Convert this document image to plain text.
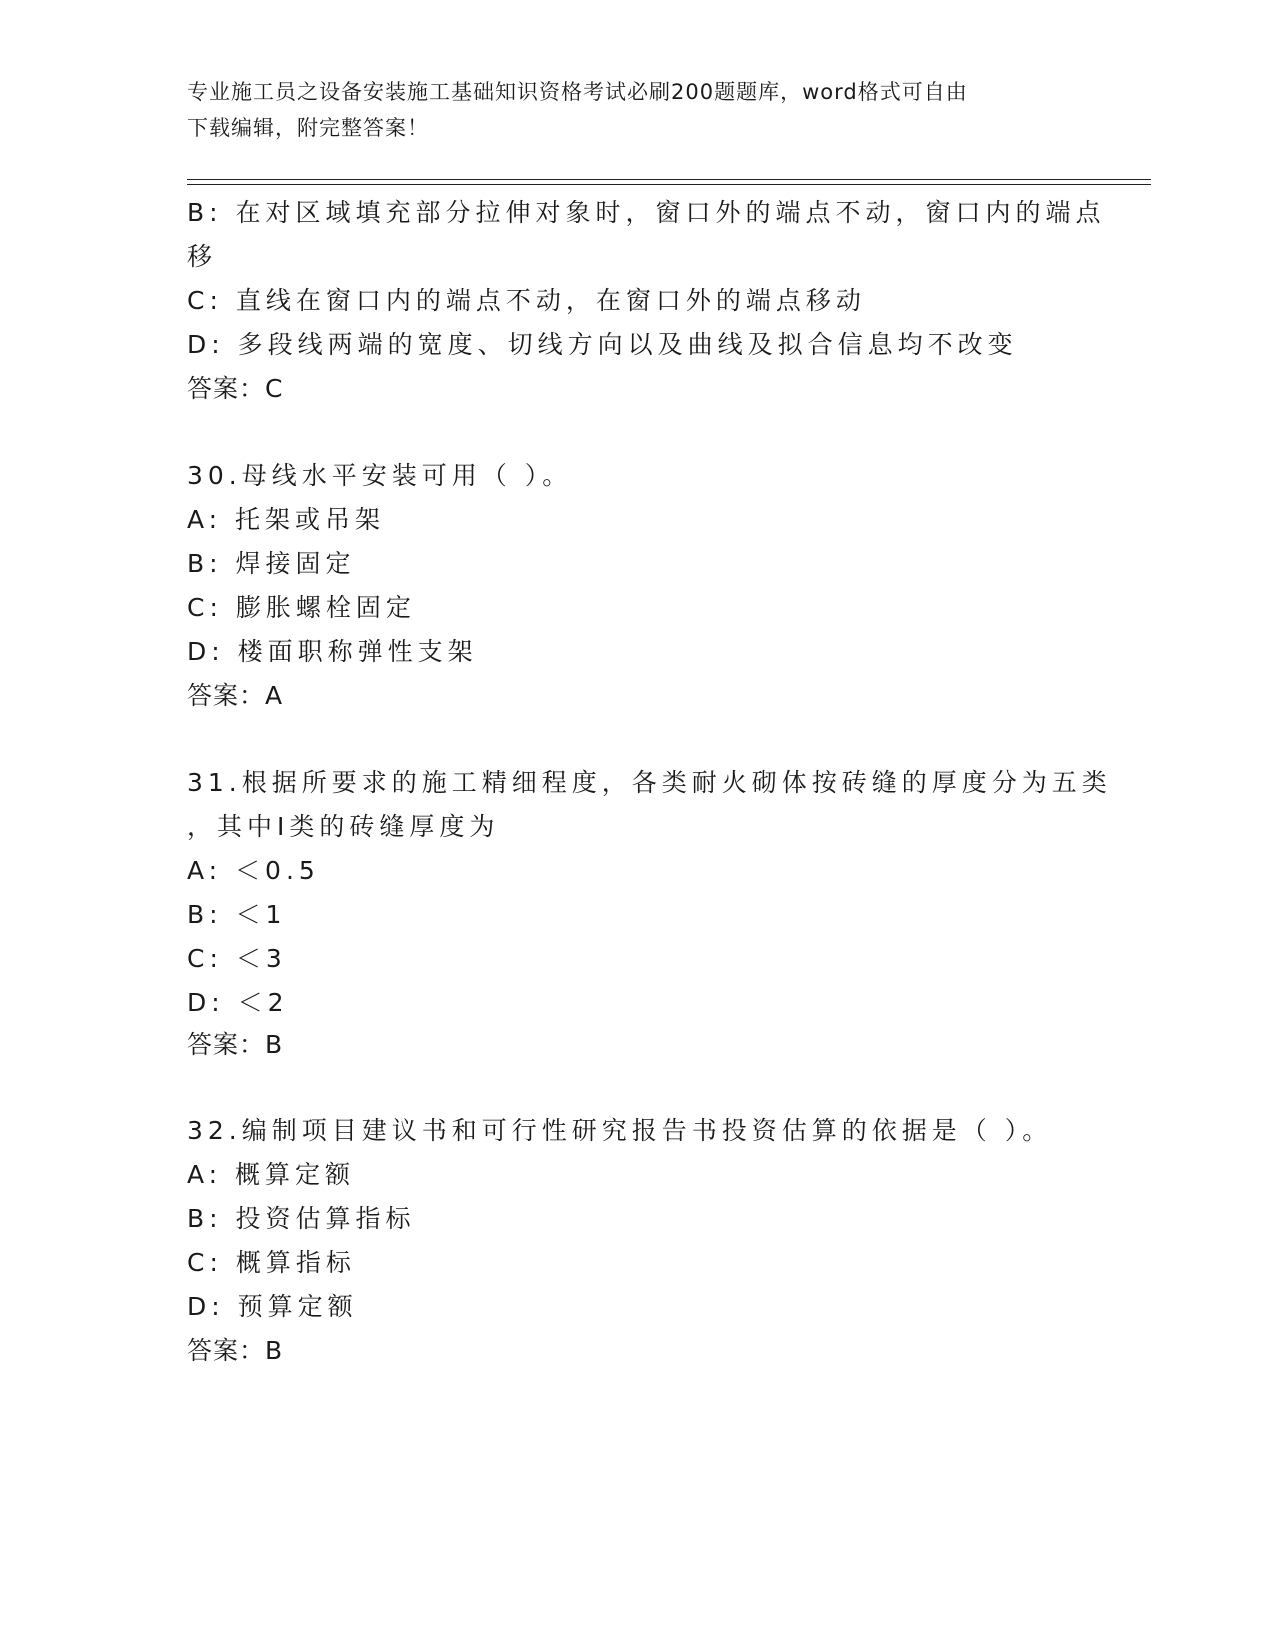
专业施工员之设备安装施工基础知识资格考试必刷200题题库，word格式可自由
下载编辑，附完整答案！
B: 在对区域填充部分拉伸对象时，窗口外的端点不动，窗口内的端点
移
C: 直线在窗口内的端点不动，在窗口外的端点移动
D: 多段线两端的宽度、切线方向以及曲线及拟合信息均不改变
答案：C
30.母线水平安装可用（ ）。
A: 托架或吊架
B: 焊接固定
C: 膨胀螺栓固定
D: 楼面职称弹性支架
答案：A
31.根据所要求的施工精细程度，各类耐火砌体按砖缝的厚度分为五类
，其中Ⅰ类的砖缝厚度为
A: ＜0.5
B: ＜1
C: ＜3
D: ＜2
答案：B
32.编制项目建议书和可行性研究报告书投资估算的依据是（ ）。
A: 概算定额
B: 投资估算指标
C: 概算指标
D: 预算定额
答案：B
